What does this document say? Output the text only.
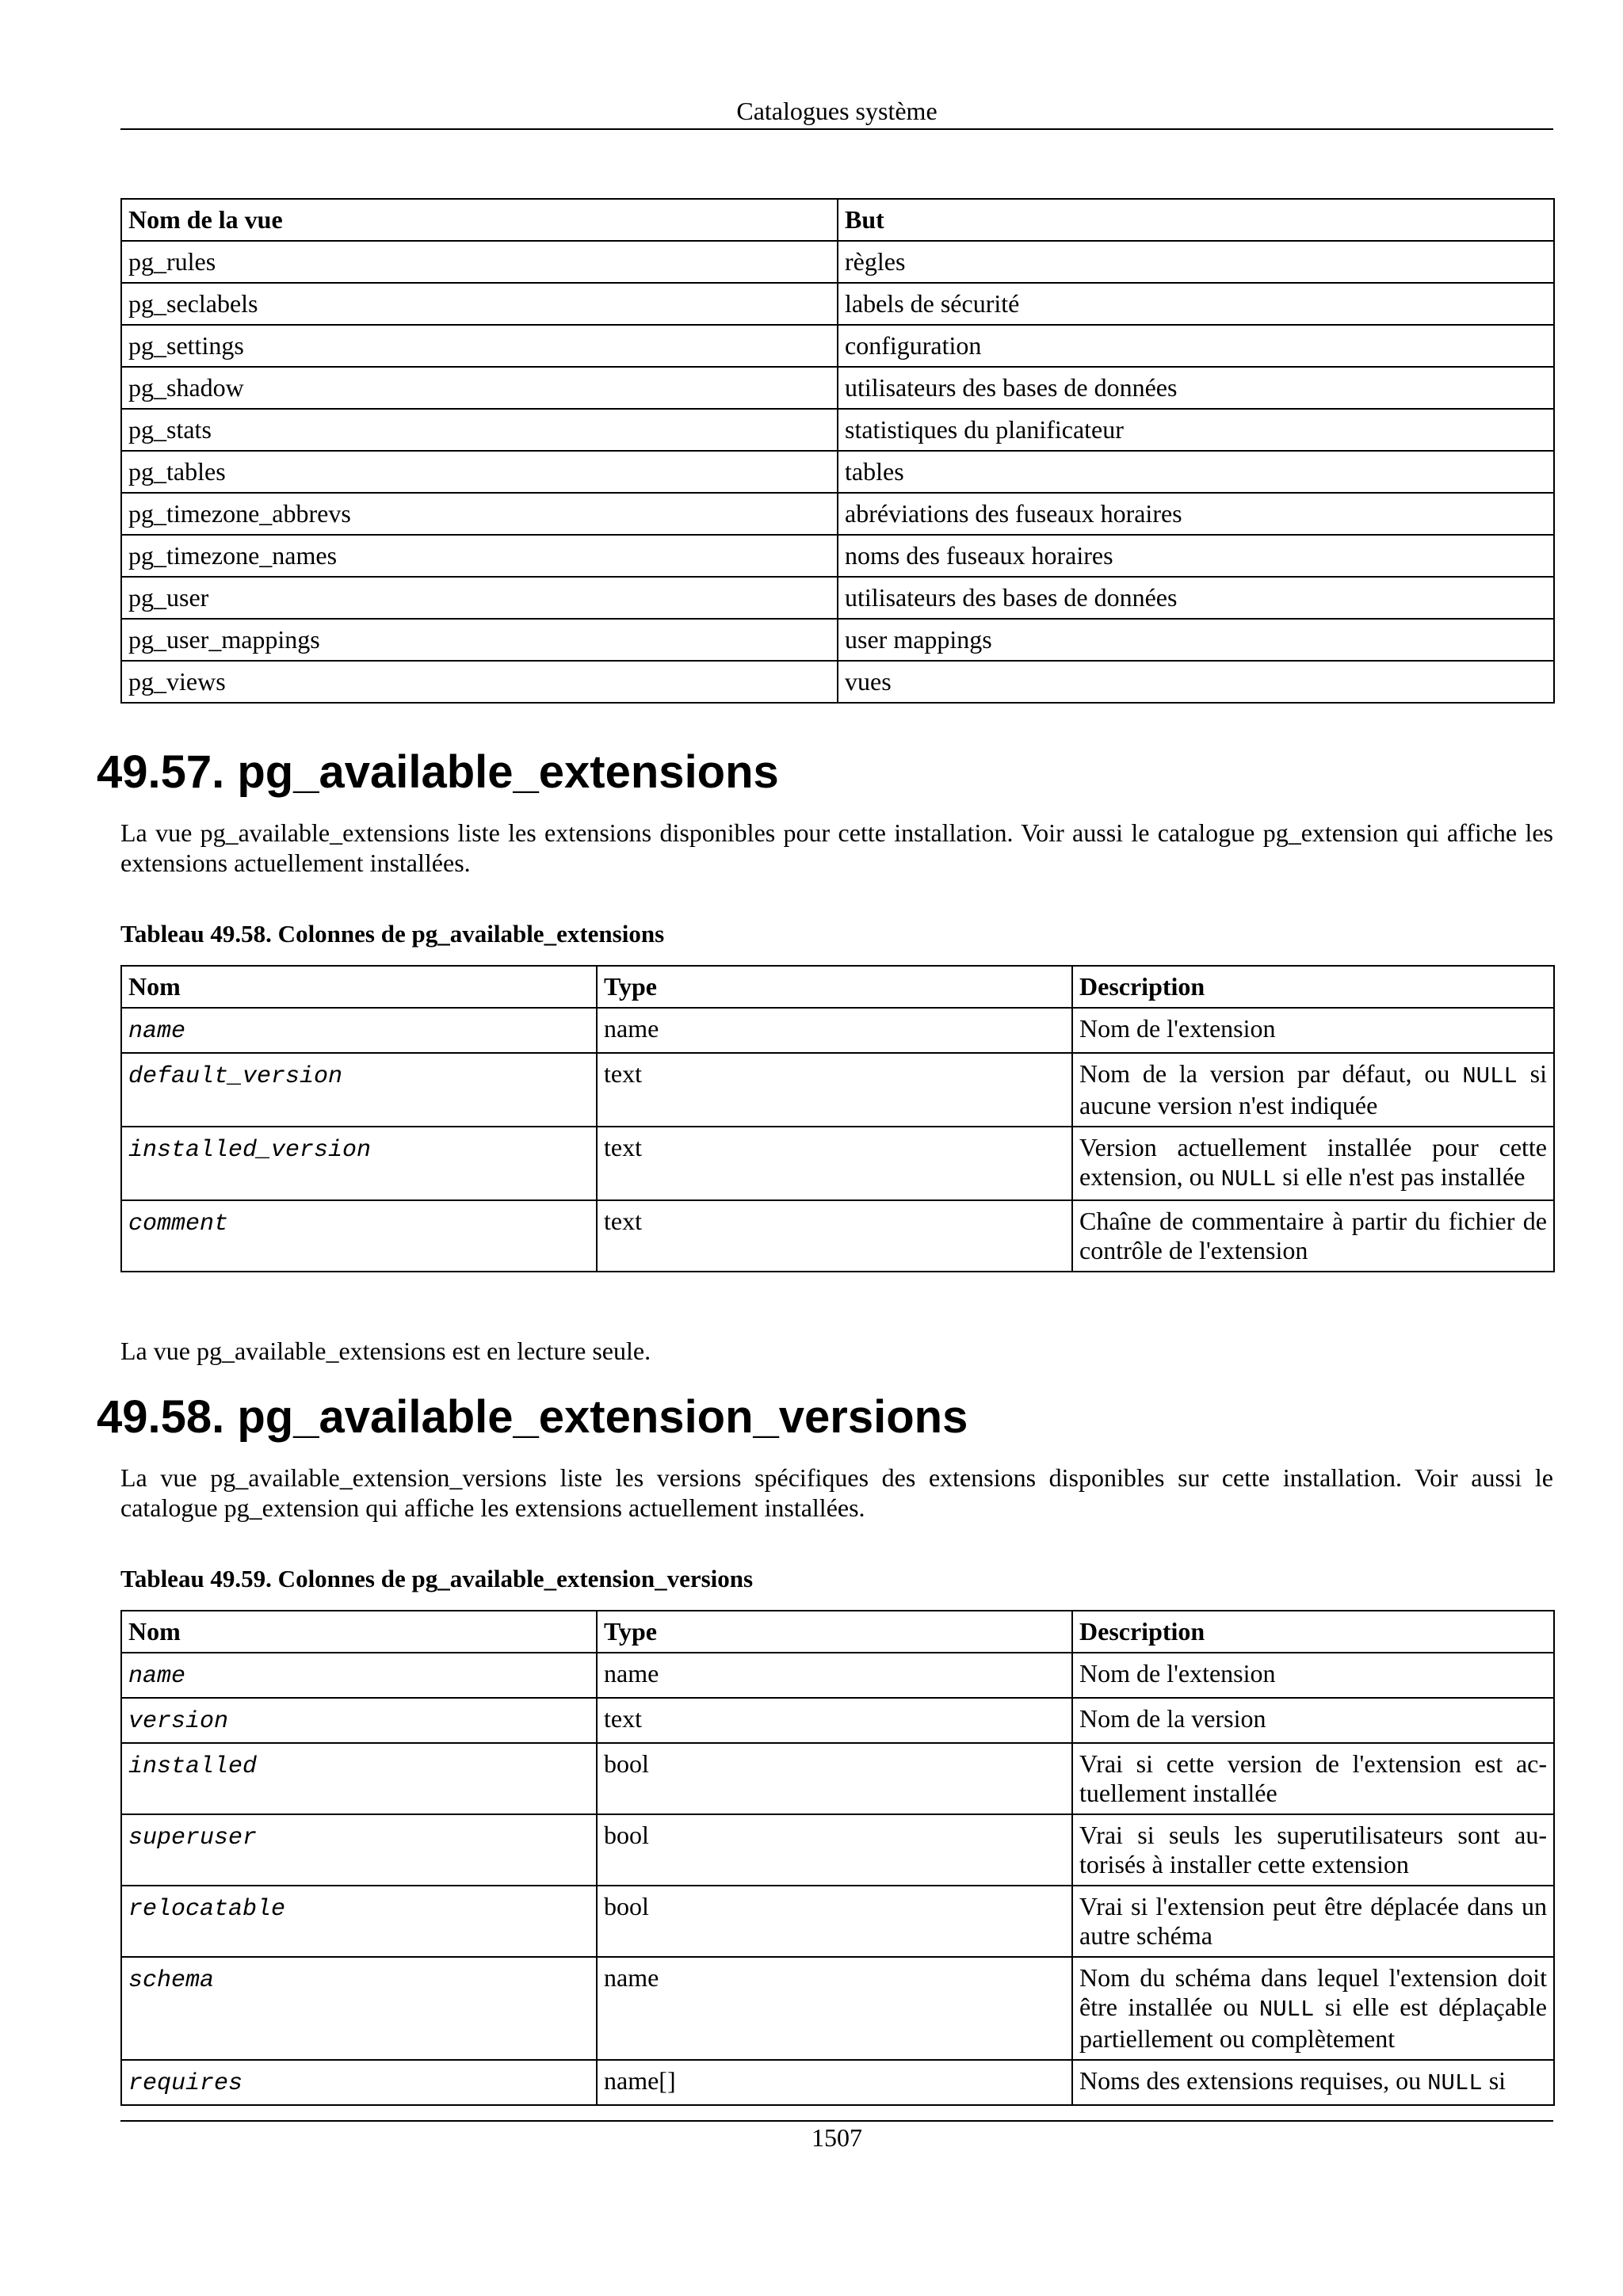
Catalogues système
Nom de la vue	But
pg_rules	règles
pg_seclabels	labels de sécurité
pg_settings	configuration
pg_shadow	utilisateurs des bases de données
pg_stats	statistiques du planificateur
pg_tables	tables
pg_timezone_abbrevs	abréviations des fuseaux horaires
pg_timezone_names	noms des fuseaux horaires
pg_user	utilisateurs des bases de données
pg_user_mappings	user mappings
pg_views	vues
49.57. pg_available_extensions

La vue pg_available_extensions liste les extensions disponibles pour cette installation. Voir aussi le catalogue pg_extension qui affiche les extensions actuellement installées.

Tableau 49.58. Colonnes de pg_available_extensions
Nom	Type	Description
name	name	Nom de l'extension
default_version	text	Nom de la version par défaut, ou NULL si aucune version n'est indiquée
installed_version	text	Version actuellement installée pour cette extension, ou NULL si elle n'est pas installée
comment	text	Chaîne de commentaire à partir du fichier de contrôle de l'extension

La vue pg_available_extensions est en lecture seule.

49.58. pg_available_extension_versions

La vue pg_available_extension_versions liste les versions spécifiques des extensions disponibles sur cette installation. Voir aussi le catalogue pg_extension qui affiche les extensions actuellement installées.

Tableau 49.59. Colonnes de pg_available_extension_versions
Nom	Type	Description
name	name	Nom de l'extension
version	text	Nom de la version
installed	bool	Vrai si cette version de l'extension est actuellement installée
superuser	bool	Vrai si seuls les superutilisateurs sont autorisés à installer cette extension
relocatable	bool	Vrai si l'extension peut être déplacée dans un autre schéma
schema	name	Nom du schéma dans lequel l'extension doit être installée ou NULL si elle est déplaçable partiellement ou complètement
requires	name[]	Noms des extensions requises, ou NULL si
1507
